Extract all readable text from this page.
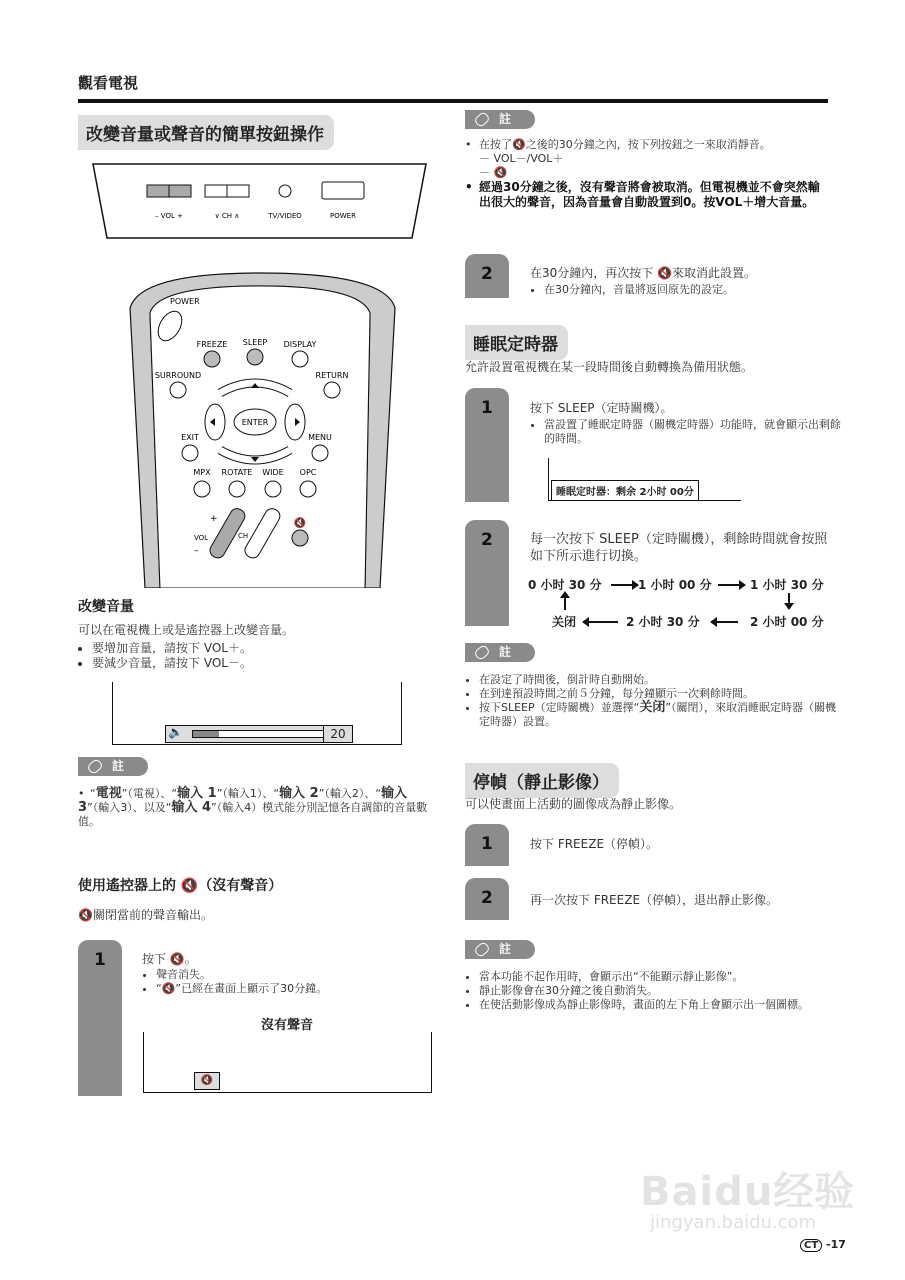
觀看電視
改變音量或聲音的簡單按鈕操作
– VOL +	∨ CH ∧	TV/VIDEO	POWER
POWER
FREEZE SLEEP DISPLAY
SURROUND	RETURN
ENTER
EXIT	MENU
MPX ROTATE WIDE OPC
+
VOL
–
CH
🔇
改變音量
可以在電視機上或是遙控器上改變音量。
• 要增加音量，請按下 VOL＋。
• 要減少音量，請按下 VOL－。
🔈	20
註
• “電视”（電視）、“输入 1”（輸入1）、“输入 2”（輸入2）、“输入 3”（輸入3）、以及“输入 4”（輸入4）模式能分別記憶各自調節的音量數值。
使用遙控器上的 🔇（沒有聲音）
🔇關閉當前的聲音輸出。
1	按下 🔇。
• 聲音消失。
• “🔇”已經在畫面上顯示了30分鐘。
沒有聲音
🔇
註
• 在按了🔇之後的30分鐘之內，按下列按鈕之一來取消靜音。
－ VOL－/VOL＋
－ 🔇
• 經過30分鐘之後，沒有聲音將會被取消。但電視機並不會突然輸出很大的聲音，因為音量會自動設置到0。按VOL＋增大音量。
2	在30分鐘內，再次按下 🔇來取消此設置。
• 在30分鐘內，音量將返回原先的設定。
睡眠定時器
允許設置電視機在某一段時間後自動轉換為備用狀態。
1	按下 SLEEP（定時關機）。
• 當設置了睡眠定時器（關機定時器）功能時，就會顯示出剩餘的時間。
睡眠定时器：剩余 2小时 00分
2	每一次按下 SLEEP（定時關機），剩餘時間就會按照如下所示進行切換。
0 小时 30 分	1 小时 00 分	1 小时 30 分
2 小时 00 分
2 小时 30 分
关闭
註
• 在設定了時間後，倒計時自動開始。
• 在到達預設時間之前５分鐘，每分鐘顯示一次剩餘時間。
• 按下SLEEP（定時關機）並選擇“关闭”（關閉），來取消睡眠定時器（關機定時器）設置。
停幀（靜止影像）
可以使畫面上活動的圖像成為靜止影像。
1	按下 FREEZE（停幀）。
2	再一次按下 FREEZE（停幀），退出靜止影像。
註
• 當本功能不起作用時，會顯示出“不能顯示靜止影像”。
• 靜止影像會在30分鐘之後自動消失。
• 在使活動影像成為靜止影像時，畫面的左下角上會顯示出一個圖標。
Baidu经验
jingyan.baidu.com
CT -17
